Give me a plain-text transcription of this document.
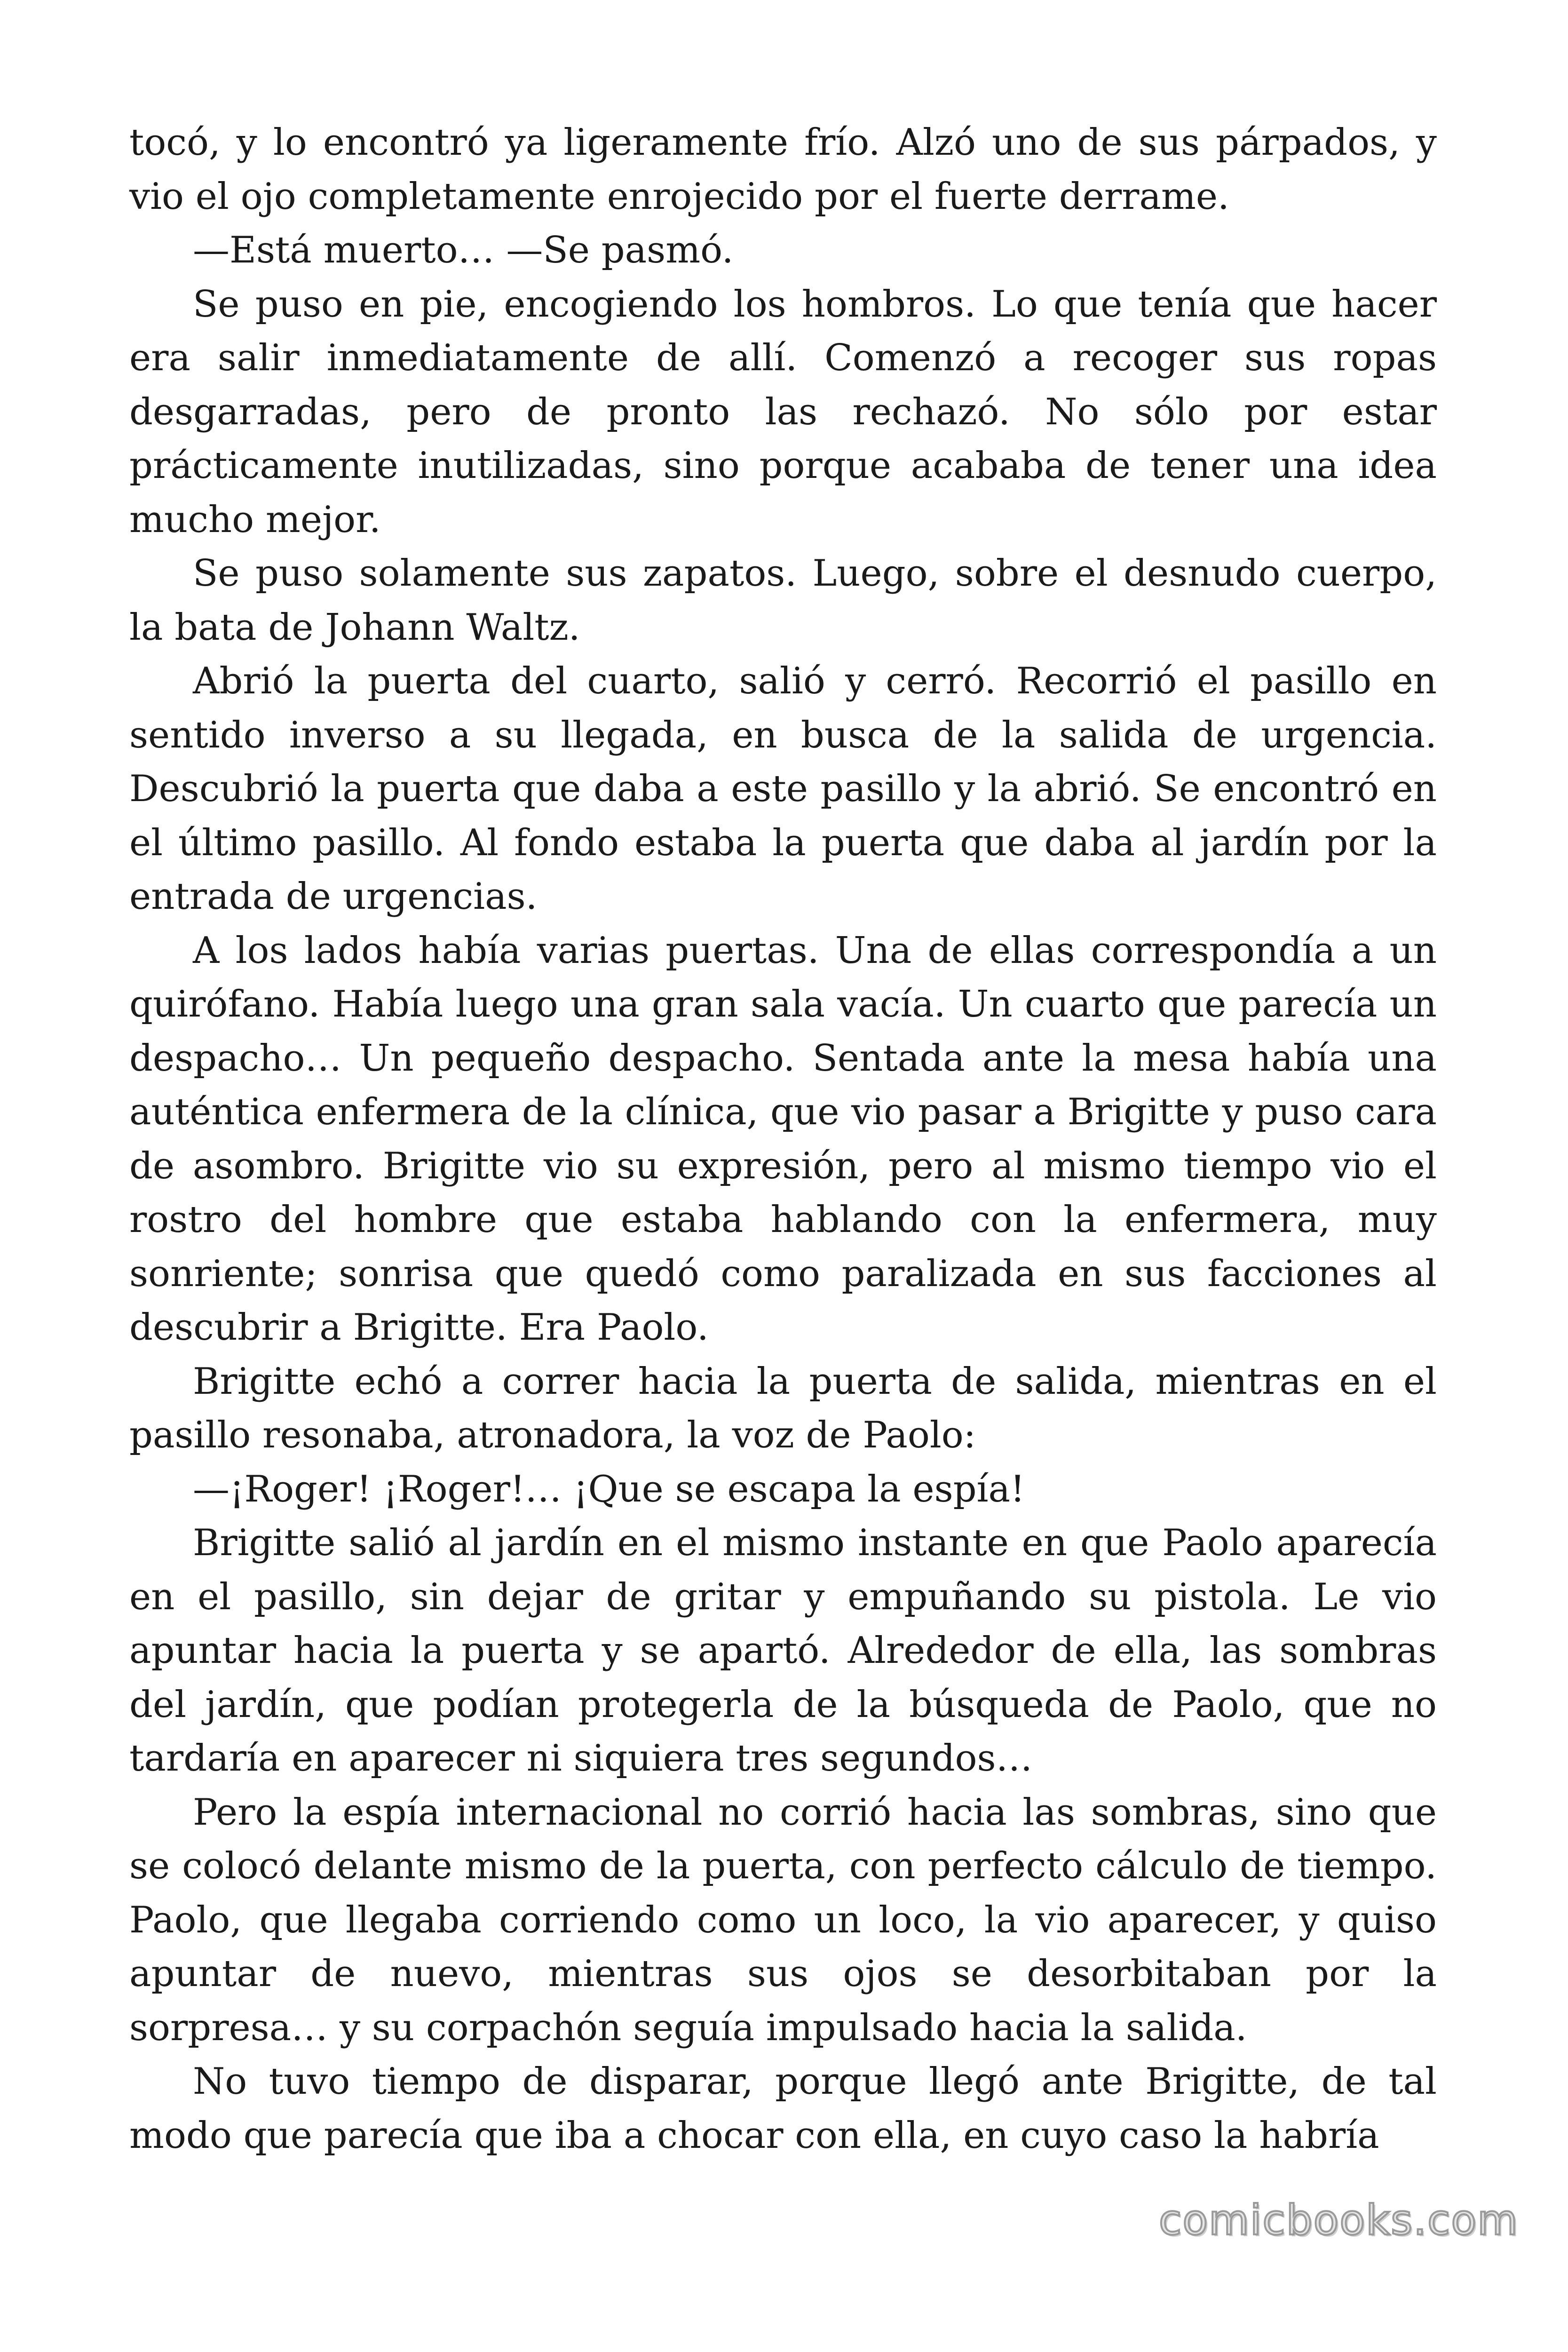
tocó, y lo encontró ya ligeramente frío. Alzó uno de sus párpados, y vio el ojo completamente enrojecido por el fuerte derrame.

—Está muerto… —Se pasmó.

Se puso en pie, encogiendo los hombros. Lo que tenía que hacer era salir inmediatamente de allí. Comenzó a recoger sus ropas desgarradas, pero de pronto las rechazó. No sólo por estar prácticamente inutilizadas, sino porque acababa de tener una idea mucho mejor.

Se puso solamente sus zapatos. Luego, sobre el desnudo cuerpo, la bata de Johann Waltz.

Abrió la puerta del cuarto, salió y cerró. Recorrió el pasillo en sentido inverso a su llegada, en busca de la salida de urgencia. Descubrió la puerta que daba a este pasillo y la abrió. Se encontró en el último pasillo. Al fondo estaba la puerta que daba al jardín por la entrada de urgencias.

A los lados había varias puertas. Una de ellas correspondía a un quirófano. Había luego una gran sala vacía. Un cuarto que parecía un despacho… Un pequeño despacho. Sentada ante la mesa había una auténtica enfermera de la clínica, que vio pasar a Brigitte y puso cara de asombro. Brigitte vio su expresión, pero al mismo tiempo vio el rostro del hombre que estaba hablando con la enfermera, muy sonriente; sonrisa que quedó como paralizada en sus facciones al descubrir a Brigitte. Era Paolo.

Brigitte echó a correr hacia la puerta de salida, mientras en el pasillo resonaba, atronadora, la voz de Paolo:

—¡Roger! ¡Roger!… ¡Que se escapa la espía!

Brigitte salió al jardín en el mismo instante en que Paolo aparecía en el pasillo, sin dejar de gritar y empuñando su pistola. Le vio apuntar hacia la puerta y se apartó. Alrededor de ella, las sombras del jardín, que podían protegerla de la búsqueda de Paolo, que no tardaría en aparecer ni siquiera tres segundos…

Pero la espía internacional no corrió hacia las sombras, sino que se colocó delante mismo de la puerta, con perfecto cálculo de tiempo. Paolo, que llegaba corriendo como un loco, la vio aparecer, y quiso apuntar de nuevo, mientras sus ojos se desorbitaban por la sorpresa… y su corpachón seguía impulsado hacia la salida.

No tuvo tiempo de disparar, porque llegó ante Brigitte, de tal modo que parecía que iba a chocar con ella, en cuyo caso la habría

comicbooks.com
